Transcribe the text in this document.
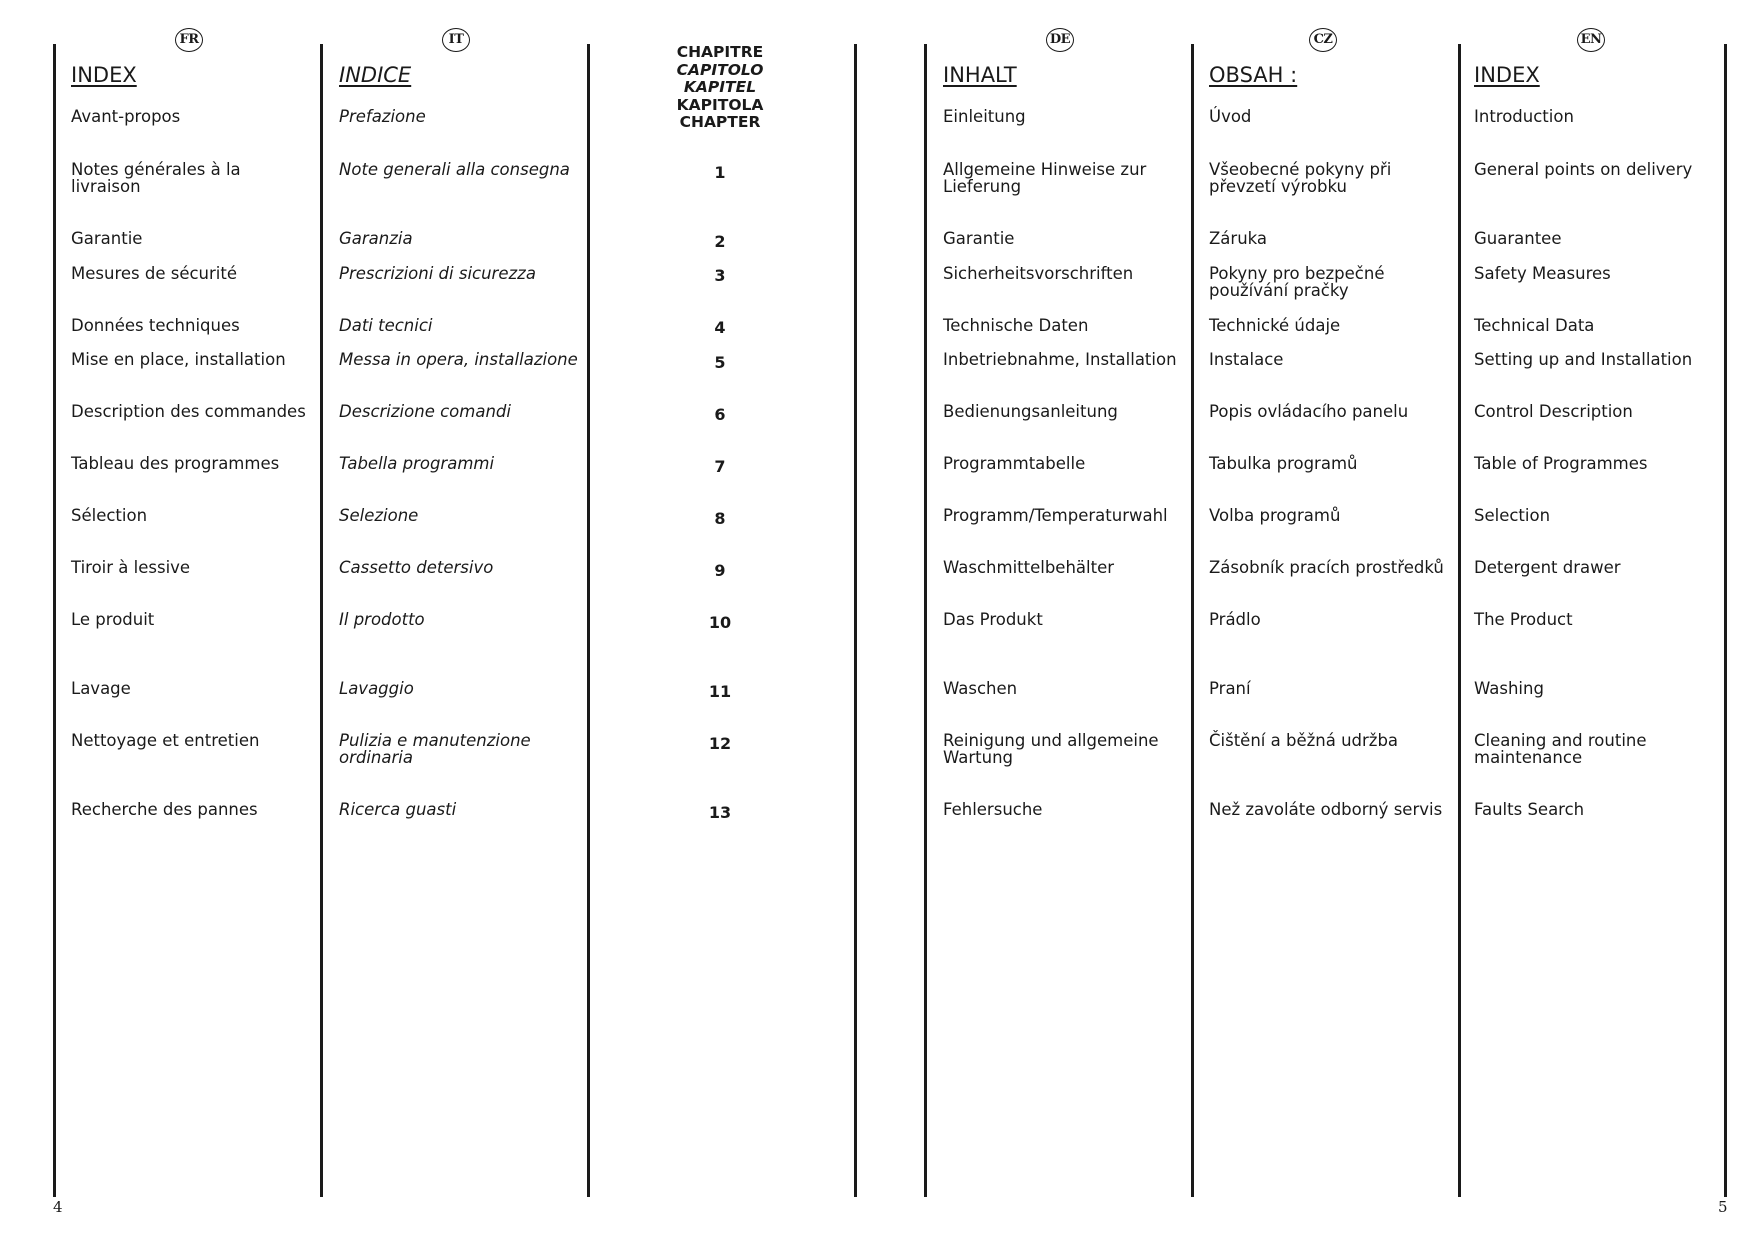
FR
INDEX
Avant-propos
Notes générales à la
livraison
Garantie
Mesures de sécurité
Données techniques
Mise en place, installation
Description des commandes
Tableau des programmes
Sélection
Tiroir à lessive
Le produit
Lavage
Nettoyage et entretien
Recherche des pannes
IT
INDICE
Prefazione
Note generali alla consegna
Garanzia
Prescrizioni di sicurezza
Dati tecnici
Messa in opera, installazione
Descrizione comandi
Tabella programmi
Selezione
Cassetto detersivo
Il prodotto
Lavaggio
Pulizia e manutenzione
ordinaria
Ricerca guasti
CHAPITRE
CAPITOLO
KAPITEL
KAPITOLA
CHAPTER
1
2
3
4
5
6
7
8
9
10
11
12
13
DE
INHALT
Einleitung
Allgemeine Hinweise zur
Lieferung
Garantie
Sicherheitsvorschriften
Technische Daten
Inbetriebnahme, Installation
Bedienungsanleitung
Programmtabelle
Programm/Temperaturwahl
Waschmittelbehälter
Das Produkt
Waschen
Reinigung und allgemeine
Wartung
Fehlersuche
CZ
OBSAH :
Úvod
Všeobecné pokyny při
převzetí výrobku
Záruka
Pokyny pro bezpečné
používání pračky
Technické údaje
Instalace
Popis ovládacího panelu
Tabulka programů
Volba programů
Zásobník pracích prostředků
Prádlo
Praní
Čištění a běžná udržba
Než zavoláte odborný servis
EN
INDEX
Introduction
General points on delivery
Guarantee
Safety Measures
Technical Data
Setting up and Installation
Control Description
Table of Programmes
Selection
Detergent drawer
The Product
Washing
Cleaning and routine
maintenance
Faults Search
4	5
